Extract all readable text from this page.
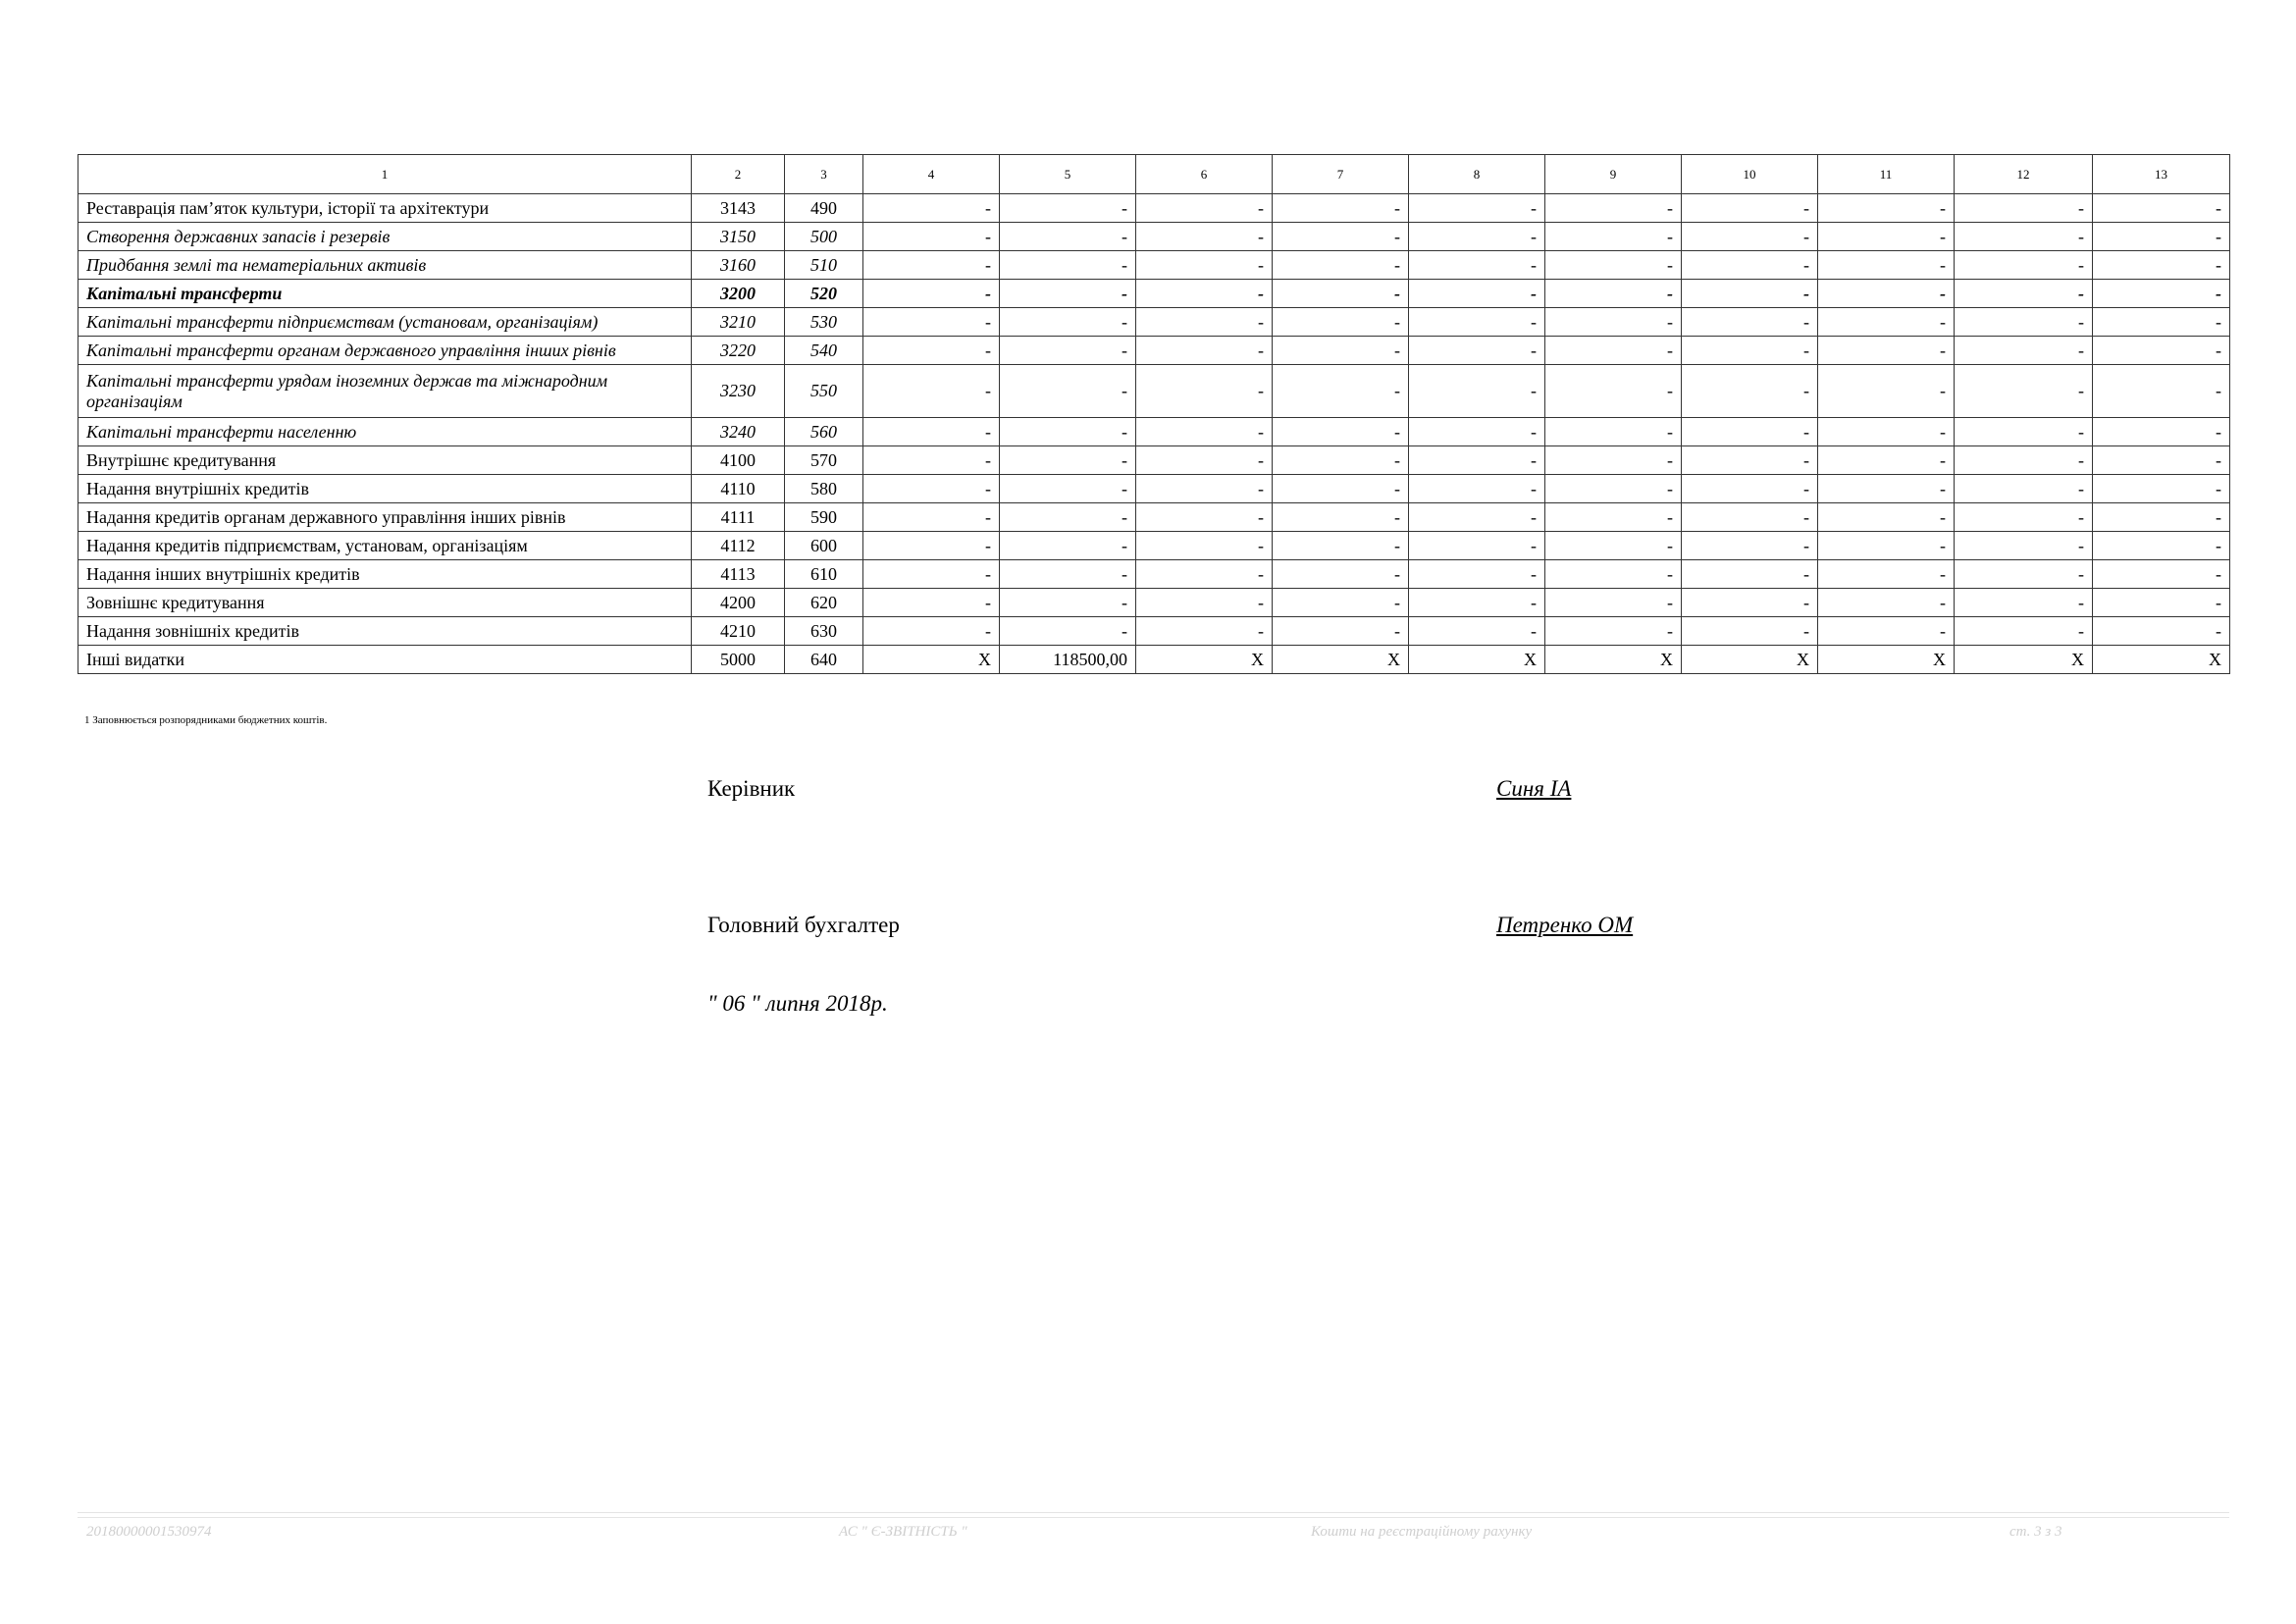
1	2	3	4	5	6	7	8	9	10	11	12	13
Реставрація пам’яток культури, історії та архітектури	3143	490	-	-	-	-	-	-	-	-	-	-
Створення державних запасів і резервів	3150	500	-	-	-	-	-	-	-	-	-	-
Придбання землі та нематеріальних активів	3160	510	-	-	-	-	-	-	-	-	-	-
Капітальні трансферти	3200	520	-	-	-	-	-	-	-	-	-	-
Капітальні трансферти підприємствам (установам, організаціям)	3210	530	-	-	-	-	-	-	-	-	-	-
Капітальні трансферти органам державного управління інших рівнів	3220	540	-	-	-	-	-	-	-	-	-	-
Капітальні трансферти урядам іноземних держав та міжнародним організаціям	3230	550	-	-	-	-	-	-	-	-	-	-
Капітальні трансферти населенню	3240	560	-	-	-	-	-	-	-	-	-	-
Внутрішнє кредитування	4100	570	-	-	-	-	-	-	-	-	-	-
Надання внутрішніх кредитів	4110	580	-	-	-	-	-	-	-	-	-	-
Надання кредитів органам державного управління інших рівнів	4111	590	-	-	-	-	-	-	-	-	-	-
Надання кредитів підприємствам, установам, організаціям	4112	600	-	-	-	-	-	-	-	-	-	-
Надання інших внутрішніх кредитів	4113	610	-	-	-	-	-	-	-	-	-	-
Зовнішнє кредитування	4200	620	-	-	-	-	-	-	-	-	-	-
Надання зовнішніх кредитів	4210	630	-	-	-	-	-	-	-	-	-	-
Інші видатки	5000	640	X	118500,00	X	X	X	X	X	X	X	X
1 Заповнюється розпорядниками бюджетних коштів.
Керівник	Синя ІА
Головний бухгалтер	Петренко ОМ
" 06 " липня 2018р.
20180000001530974	АС " Є-ЗВІТНІСТЬ "	Кошти на реєстраційному рахунку	ст. 3 з 3
